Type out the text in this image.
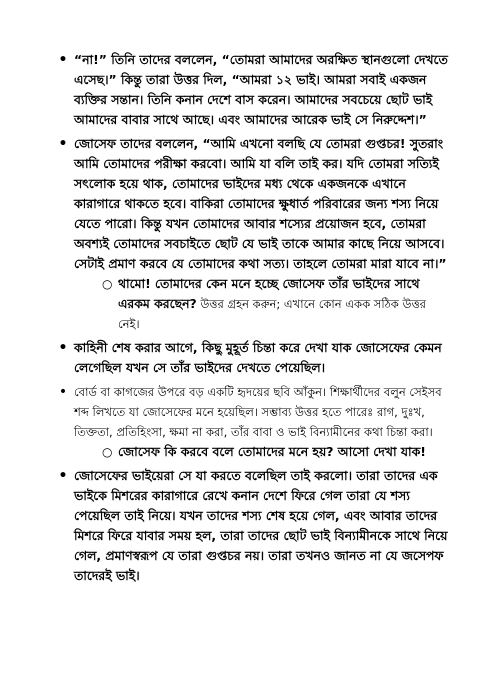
• “না!” তিনি তাদের বললেন, “তোমরা আমাদের অরক্ষিত স্থানগুলো দেখতে এসেছ।” কিন্তু তারা উত্তর দিল, “আমরা ১২ ভাই। আমরা সবাই একজন ব্যক্তির সন্তান। তিনি কনান দেশে বাস করেন। আমাদের সবচেয়ে ছোট ভাই আমাদের বাবার সাথে আছে। এবং আমাদের আরেক ভাই সে নিরুদ্দেশ।”
• জোসেফ তাদের বললেন, “আমি এখনো বলছি যে তোমরা গুপ্তচর! সুতরাং আমি তোমাদের পরীক্ষা করবো। আমি যা বলি তাই কর। যদি তোমরা সত্যিই সৎলোক হয়ে থাক, তোমাদের ভাইদের মধ্য থেকে একজনকে এখানে কারাগারে থাকতে হবে। বাকিরা তোমাদের ক্ষুধার্ত পরিবারের জন্য শস্য নিয়ে যেতে পারো। কিন্তু যখন তোমাদের আবার শস্যের প্রয়োজন হবে, তোমরা অবশ্যই তোমাদের সবচাইতে ছোট যে ভাই তাকে আমার কাছে নিয়ে আসবে। সেটাই প্রমাণ করবে যে তোমাদের কথা সত্য। তাহলে তোমরা মারা যাবে না।”
○ থামো! তোমাদের কেন মনে হচ্ছে জোসেফ তাঁর ভাইদের সাথে এরকম করছেন? উত্তর গ্রহন করুন; এখানে কোন একক সঠিক উত্তর নেই।
• কাহিনী শেষ করার আগে, কিছু মুহূর্ত চিন্তা করে দেখা যাক জোসেফের কেমন লেগেছিল যখন সে তাঁর ভাইদের দেখতে পেয়েছিল।
• বোর্ড বা কাগজের উপরে বড় একটি হৃদয়ের ছবি আঁকুন। শিক্ষার্থীদের বলুন সেইসব শব্দ লিখতে যা জোসেফের মনে হয়েছিল। সম্ভাব্য উত্তর হতে পারেঃ রাগ, দুঃখ, তিক্ততা, প্রতিহিংসা, ক্ষমা না করা, তাঁর বাবা ও ভাই বিন্যামীনের কথা চিন্তা করা।
○ জোসেফ কি করবে বলে তোমাদের মনে হয়? আসো দেখা যাক!
• জোসেফের ভাইয়েরা সে যা করতে বলেছিল তাই করলো। তারা তাদের এক ভাইকে মিশরের কারাগারে রেখে কনান দেশে ফিরে গেল তারা যে শস্য পেয়েছিল তাই নিয়ে। যখন তাদের শস্য শেষ হয়ে গেল, এবং আবার তাদের মিশরে ফিরে যাবার সময় হল, তারা তাদের ছোট ভাই বিন্যামীনকে সাথে নিয়ে গেল, প্রমাণস্বরূপ যে তারা গুপ্তচর নয়। তারা তখনও জানত না যে জসেপফ তাদেরই ভাই।
